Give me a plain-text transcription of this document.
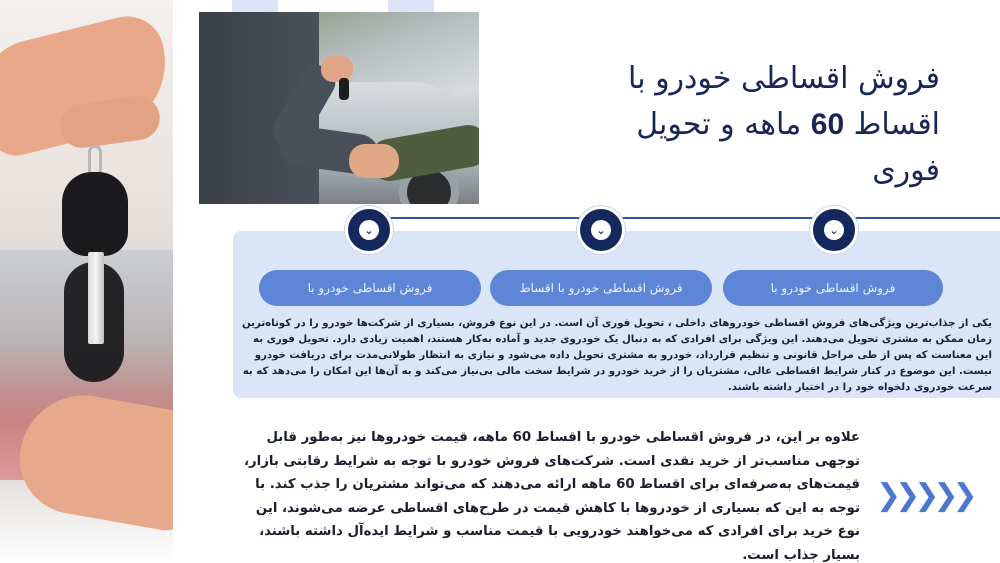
فروش اقساطی خودرو با
اقساط 60 ماهه و تحویل
فوری
⌄	⌄	⌄
فروش اقساطی خودرو با	فروش اقساطی خودرو با اقساط	فروش اقساطی خودرو با
یکی از جذاب‌ترین ویژگی‌های فروش اقساطی خودروهای داخلی ، تحویل فوری آن است. در این نوع فروش، بسیاری از شرکت‌ها خودرو را در کوتاه‌ترین زمان ممکن به مشتری تحویل می‌دهند. این ویژگی برای افرادی که به دنبال یک خودروی جدید و آماده به‌کار هستند، اهمیت زیادی دارد. تحویل فوری به این معناست که پس از طی مراحل قانونی و تنظیم قرارداد، خودرو به مشتری تحویل داده می‌شود و نیازی به انتظار طولانی‌مدت برای دریافت خودرو نیست. این موضوع در کنار شرایط اقساطی عالی، مشتریان را از خرید خودرو در شرایط سخت مالی بی‌نیاز می‌کند و به آن‌ها این امکان را می‌دهد که به سرعت خودروی دلخواه خود را در اختیار داشته باشند.
علاوه بر این، در فروش اقساطی خودرو با اقساط 60 ماهه، قیمت خودروها نیز به‌طور قابل توجهی مناسب‌تر از خرید نقدی است. شرکت‌های فروش خودرو با توجه به شرایط رقابتی بازار، قیمت‌های به‌صرفه‌ای برای اقساط 60 ماهه ارائه می‌دهند که می‌تواند مشتریان را جذب کند. با توجه به این که بسیاری از خودروها با کاهش قیمت در طرح‌های اقساطی عرضه می‌شوند، این نوع خرید برای افرادی که می‌خواهند خودرویی با قیمت مناسب و شرایط ایده‌آل داشته باشند، بسیار جذاب است.
❯❯❯❯❯
